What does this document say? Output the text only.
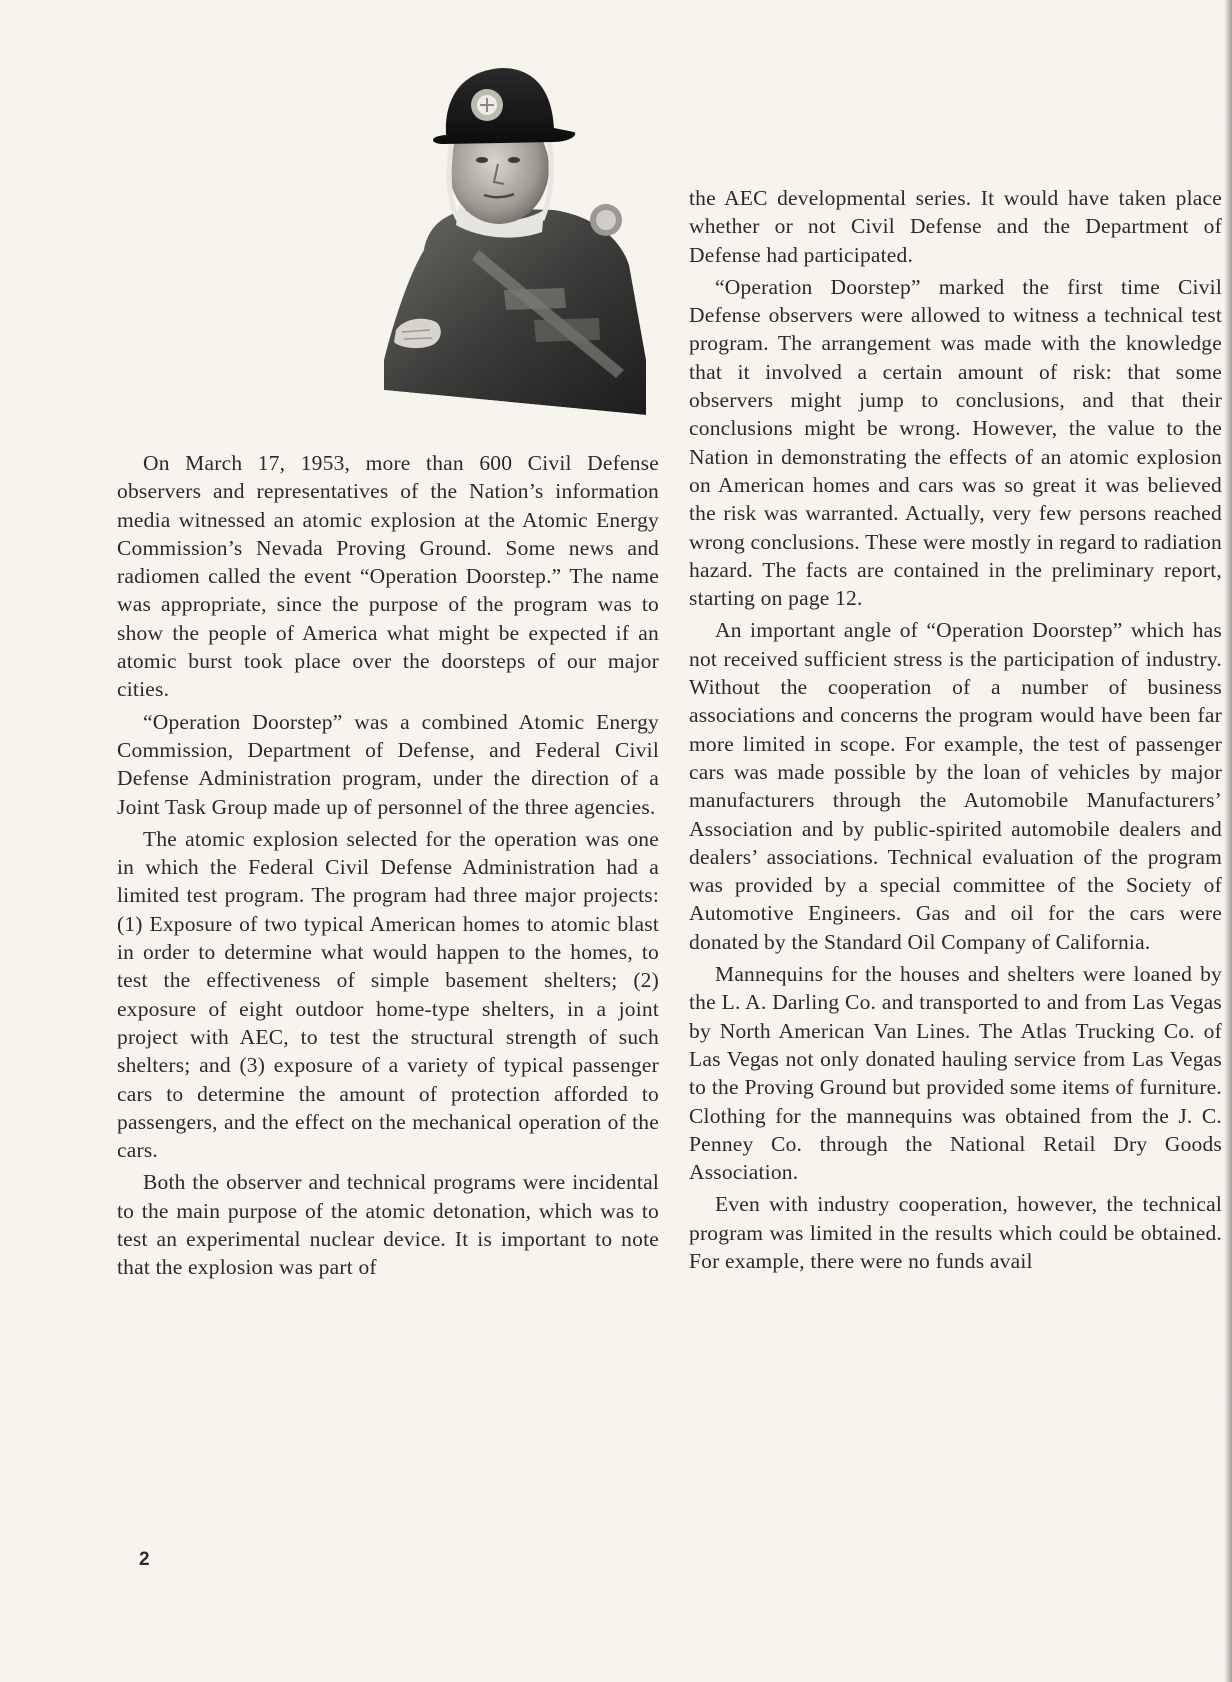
On March 17, 1953, more than 600 Civil Defense observers and representatives of the Nation’s information media witnessed an atomic explosion at the Atomic Energy Commission’s Nevada Proving Ground. Some news and radiomen called the event “Operation Doorstep.” The name was appropriate, since the purpose of the program was to show the people of America what might be expected if an atomic burst took place over the doorsteps of our major cities.

“Operation Doorstep” was a combined Atomic Energy Commission, Department of Defense, and Federal Civil Defense Administration program, under the direction of a Joint Task Group made up of personnel of the three agencies.

The atomic explosion selected for the operation was one in which the Federal Civil Defense Administration had a limited test program. The program had three major projects: (1) Exposure of two typical American homes to atomic blast in order to determine what would happen to the homes, to test the effectiveness of simple basement shelters; (2) exposure of eight outdoor home-type shelters, in a joint project with AEC, to test the structural strength of such shelters; and (3) exposure of a variety of typical passenger cars to determine the amount of protection afforded to passengers, and the effect on the mechanical operation of the cars.

Both the observer and technical programs were incidental to the main purpose of the atomic detonation, which was to test an experimental nuclear device. It is important to note that the explosion was part of

the AEC developmental series. It would have taken place whether or not Civil Defense and the Department of Defense had participated.

“Operation Doorstep” marked the first time Civil Defense observers were allowed to witness a technical test program. The arrangement was made with the knowledge that it involved a certain amount of risk: that some observers might jump to conclusions, and that their conclusions might be wrong. However, the value to the Nation in demonstrating the effects of an atomic explosion on American homes and cars was so great it was believed the risk was warranted. Actually, very few persons reached wrong conclusions. These were mostly in regard to radiation hazard. The facts are contained in the preliminary report, starting on page 12.

An important angle of “Operation Doorstep” which has not received sufficient stress is the participation of industry. Without the cooperation of a number of business associations and concerns the program would have been far more limited in scope. For example, the test of passenger cars was made possible by the loan of vehicles by major manufacturers through the Automobile Manufacturers’ Association and by public-spirited automobile dealers and dealers’ associations. Technical evaluation of the program was provided by a special committee of the Society of Automotive Engineers. Gas and oil for the cars were donated by the Standard Oil Company of California.

Mannequins for the houses and shelters were loaned by the L. A. Darling Co. and transported to and from Las Vegas by North American Van Lines. The Atlas Trucking Co. of Las Vegas not only donated hauling service from Las Vegas to the Proving Ground but provided some items of furniture. Clothing for the mannequins was obtained from the J. C. Penney Co. through the National Retail Dry Goods Association.

Even with industry cooperation, however, the technical program was limited in the results which could be obtained. For example, there were no funds avail

2
